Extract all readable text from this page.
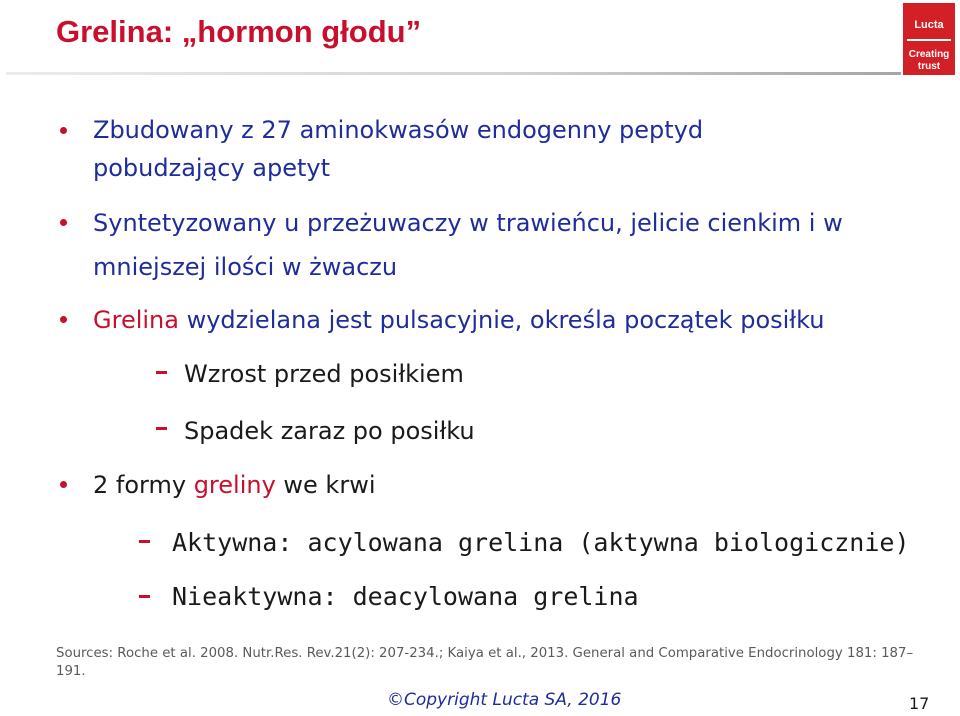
Grelina: „hormon głodu”	Lucta
Creating
trust
Zbudowany z 27 aminokwasów endogenny peptyd
pobudzający apetyt
Syntetyzowany u przeżuwaczy w trawieńcu, jelicie cienkim i w
mniejszej ilości w żwaczu
Grelina wydzielana jest pulsacyjnie, określa początek posiłku
Wzrost przed posiłkiem
Spadek zaraz po posiłku
2 formy greliny we krwi
Aktywna: acylowana grelina (aktywna biologicznie)
Nieaktywna: deacylowana grelina
Sources: Roche et al. 2008. Nutr.Res. Rev.21(2): 207-234.; Kaiya et al., 2013. General and Comparative Endocrinology 181: 187–
191.
©Copyright Lucta SA, 2016	17
